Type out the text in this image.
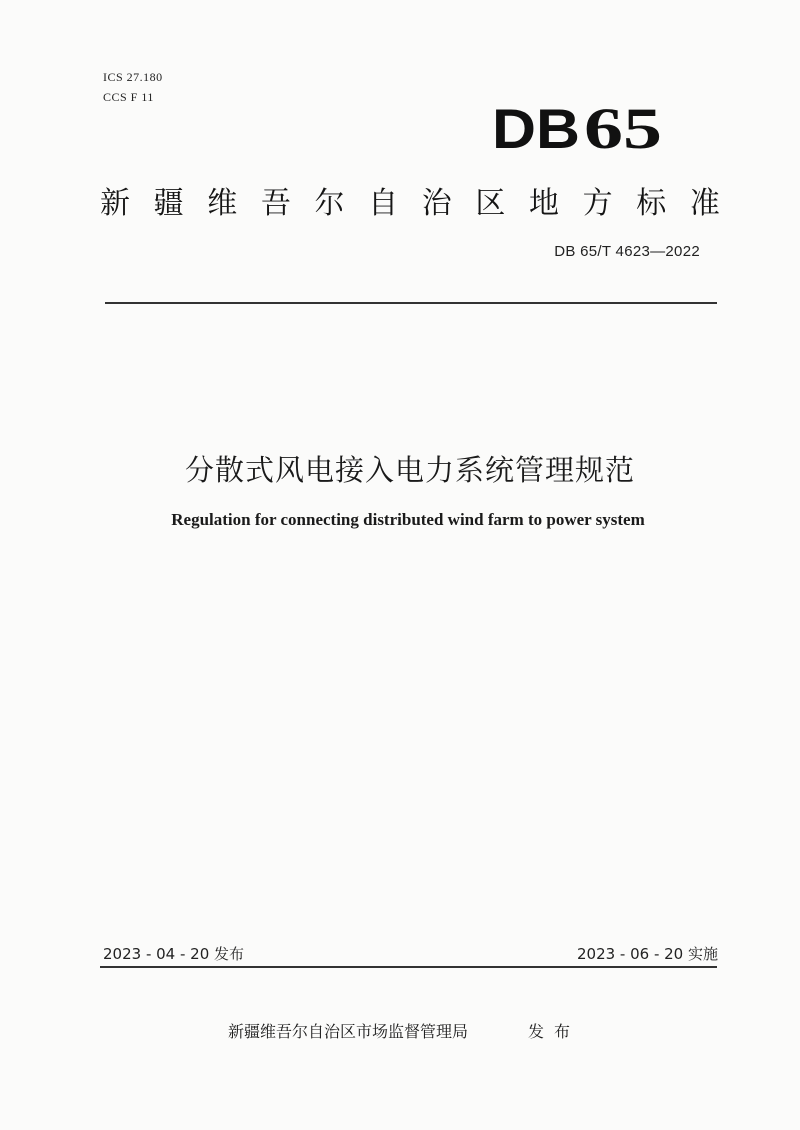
ICS 27.180
CCS F 11	DB 65
新 疆 维 吾 尔 自 治 区 地 方 标 准
DB 65/T 4623—2022
分散式风电接入电力系统管理规范
Regulation for connecting distributed wind farm to power system
2023 - 04 - 20 发布	2023 - 06 - 20 实施
新疆维吾尔自治区市场监督管理局	发布
